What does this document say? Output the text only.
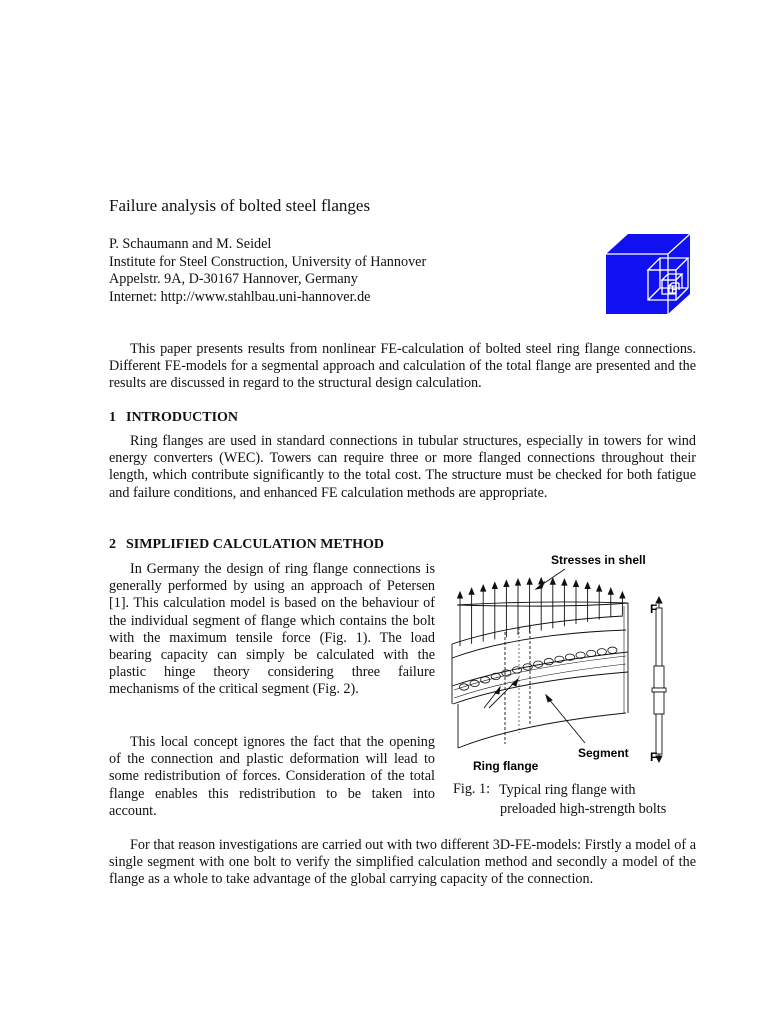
Failure analysis of bolted steel flanges
P. Schaumann and M. Seidel
Institute for Steel Construction, University of Hannover
Appelstr. 9A, D-30167 Hannover, Germany
Internet: http://www.stahlbau.uni-hannover.de

This paper presents results from nonlinear FE-calculation of bolted steel ring flange connections. Different FE-models for a segmental approach and calculation of the total flange are presented and the results are discussed in regard to the structural design calculation.

1 INTRODUCTION

Ring flanges are used in standard connections in tubular structures, especially in towers for wind energy converters (WEC). Towers can require three or more flanged connections throughout their length, which contribute significantly to the total cost. The structure must be checked for both fatigue and failure conditions, and enhanced FE calculation methods are appropriate.

2 SIMPLIFIED CALCULATION METHOD

In Germany the design of ring flange connections is generally performed by using an approach of Petersen [1]. This calculation model is based on the behaviour of the individual segment of flange which contains the bolt with the maximum tensile force (Fig. 1). The load bearing capacity can simply be calculated with the plastic hinge theory considering three failure mechanisms of the critical segment (Fig. 2).

This local concept ignores the fact that the opening of the connection and plastic deformation will lead to some redistribution of forces. Consideration of the total flange enables this redistribution to be taken into account.

For that reason investigations are carried out with two different 3D-FE-models: Firstly a model of a single segment with one bolt to verify the simplified calculation method and secondly a model of the flange as a whole to take advantage of the global carrying capacity of the connection.

Stresses in shell
F
Segment F
Ring flange
Fig. 1: Typical ring flange with
preloaded high-strength bolts
